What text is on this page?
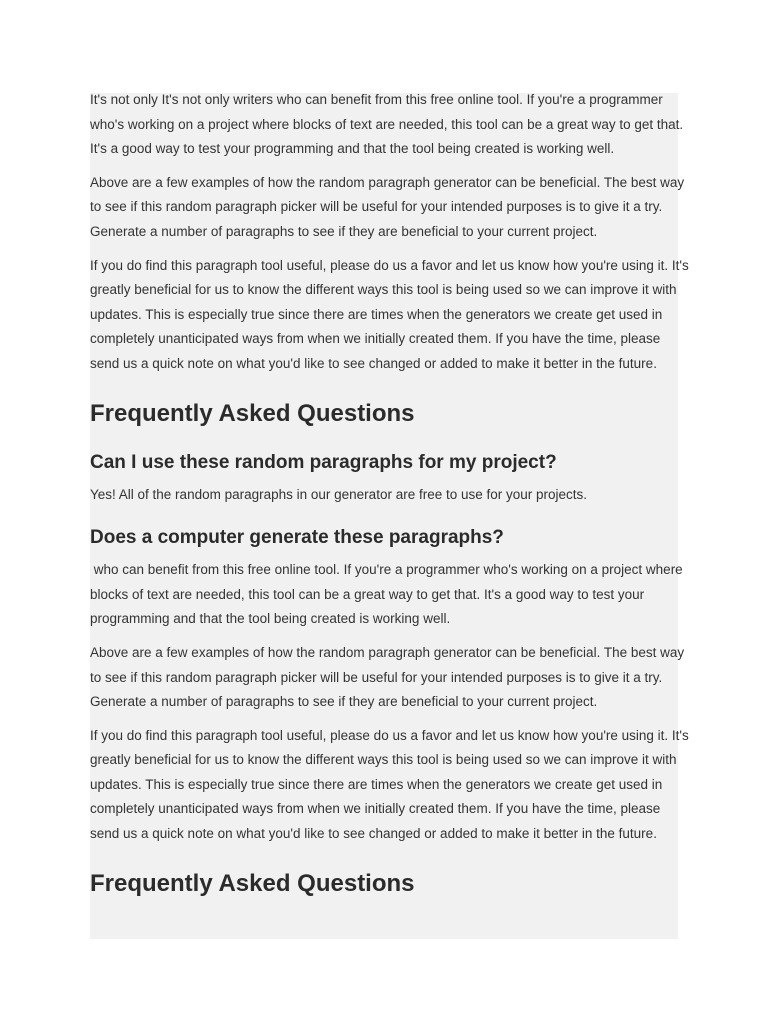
It's not only It's not only writers who can benefit from this free online tool. If you're a programmer
who's working on a project where blocks of text are needed, this tool can be a great way to get that.
It's a good way to test your programming and that the tool being created is working well.

Above are a few examples of how the random paragraph generator can be beneficial. The best way
to see if this random paragraph picker will be useful for your intended purposes is to give it a try.
Generate a number of paragraphs to see if they are beneficial to your current project.

If you do find this paragraph tool useful, please do us a favor and let us know how you're using it. It's
greatly beneficial for us to know the different ways this tool is being used so we can improve it with
updates. This is especially true since there are times when the generators we create get used in
completely unanticipated ways from when we initially created them. If you have the time, please
send us a quick note on what you'd like to see changed or added to make it better in the future.

Frequently Asked Questions
Can I use these random paragraphs for my project?

Yes! All of the random paragraphs in our generator are free to use for your projects.

Does a computer generate these paragraphs?

who can benefit from this free online tool. If you're a programmer who's working on a project where
blocks of text are needed, this tool can be a great way to get that. It's a good way to test your
programming and that the tool being created is working well.

Above are a few examples of how the random paragraph generator can be beneficial. The best way
to see if this random paragraph picker will be useful for your intended purposes is to give it a try.
Generate a number of paragraphs to see if they are beneficial to your current project.

If you do find this paragraph tool useful, please do us a favor and let us know how you're using it. It's
greatly beneficial for us to know the different ways this tool is being used so we can improve it with
updates. This is especially true since there are times when the generators we create get used in
completely unanticipated ways from when we initially created them. If you have the time, please
send us a quick note on what you'd like to see changed or added to make it better in the future.

Frequently Asked Questions
